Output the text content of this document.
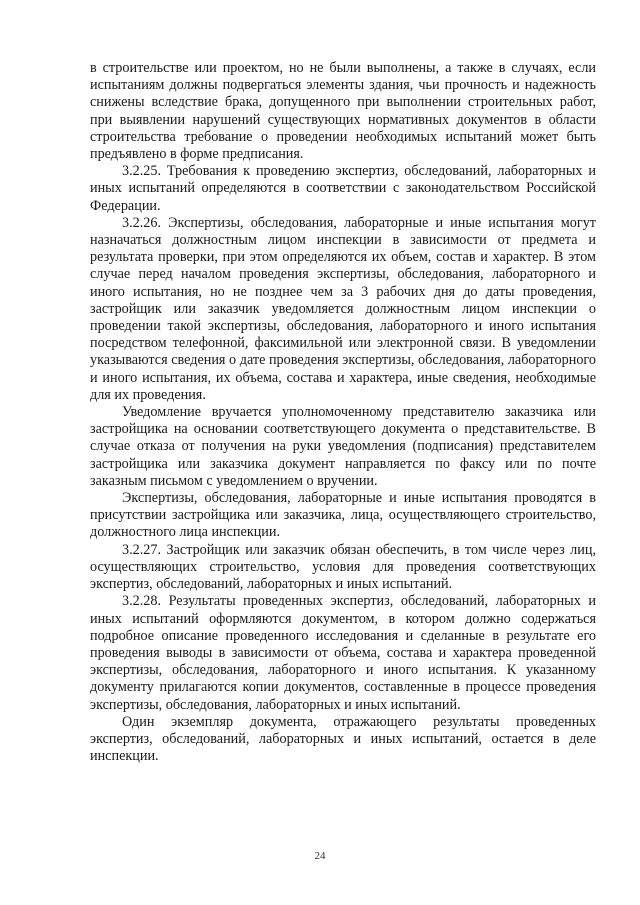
в строительстве или проектом, но не были выполнены, а также в случаях, если испытаниям должны подвергаться элементы здания, чьи прочность и надежность снижены вследствие брака, допущенного при выполнении строительных работ, при выявлении нарушений существующих нормативных документов в области строительства требование о проведении необходимых испытаний может быть предъявлено в форме предписания.

3.2.25. Требования к проведению экспертиз, обследований, лабораторных и иных испытаний определяются в соответствии с законодательством Российской Федерации.

3.2.26. Экспертизы, обследования, лабораторные и иные испытания могут назначаться должностным лицом инспекции в зависимости от предмета и результата проверки, при этом определяются их объем, состав и характер. В этом случае перед началом проведения экспертизы, обследования, лабораторного и иного испытания, но не позднее чем за 3 рабочих дня до даты проведения, застройщик или заказчик уведомляется должностным лицом инспекции о проведении такой экспертизы, обследования, лабораторного и иного испытания посредством телефонной, факсимильной или электронной связи. В уведомлении указываются сведения о дате проведения экспертизы, обследования, лабораторного и иного испытания, их объема, состава и характера, иные сведения, необходимые для их проведения.

Уведомление вручается уполномоченному представителю заказчика или застройщика на основании соответствующего документа о представительстве. В случае отказа от получения на руки уведомления (подписания) представителем застройщика или заказчика документ направляется по факсу или по почте заказным письмом с уведомлением о вручении.

Экспертизы, обследования, лабораторные и иные испытания проводятся в присутствии застройщика или заказчика, лица, осуществляющего строительство, должностного лица инспекции.

3.2.27. Застройщик или заказчик обязан обеспечить, в том числе через лиц, осуществляющих строительство, условия для проведения соответствующих экспертиз, обследований, лабораторных и иных испытаний.

3.2.28. Результаты проведенных экспертиз, обследований, лабораторных и иных испытаний оформляются документом, в котором должно содержаться подробное описание проведенного исследования и сделанные в результате его проведения выводы в зависимости от объема, состава и характера проведенной экспертизы, обследования, лабораторного и иного испытания. К указанному документу прилагаются копии документов, составленные в процессе проведения экспертизы, обследования, лабораторных и иных испытаний.

Один экземпляр документа, отражающего результаты проведенных экспертиз, обследований, лабораторных и иных испытаний, остается в деле инспекции.

24
